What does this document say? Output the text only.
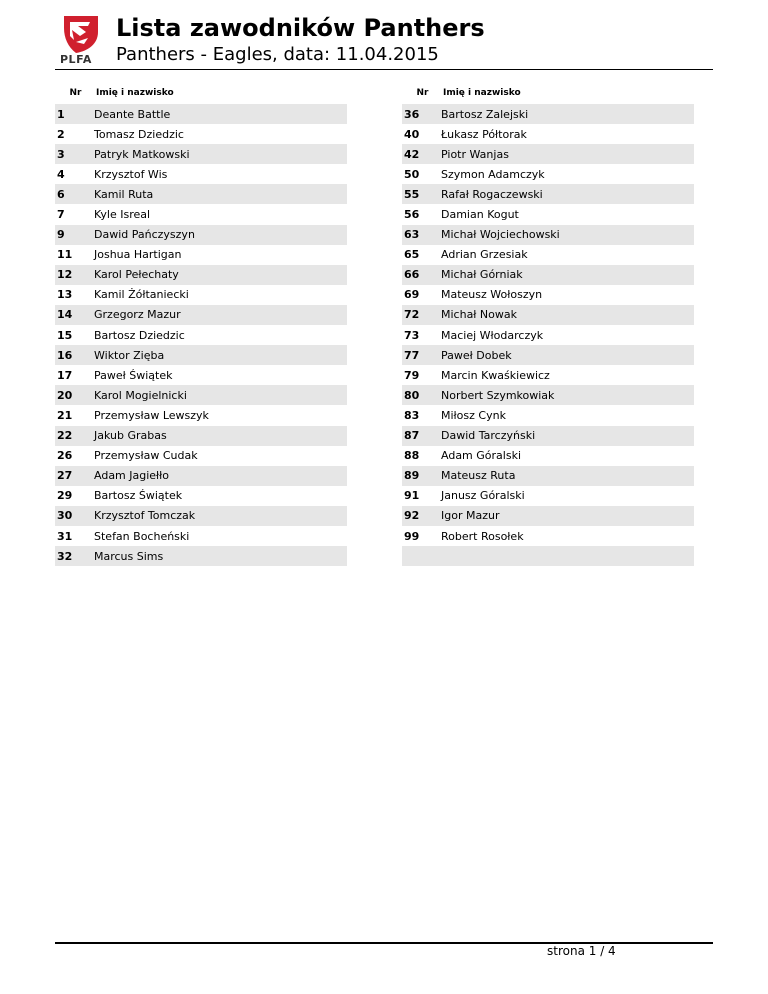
PLFA
Lista zawodników Panthers
Panthers - Eagles, data: 11.04.2015
Nr	Imię i nazwisko
1	Deante Battle
2	Tomasz Dziedzic
3	Patryk Matkowski
4	Krzysztof Wis
6	Kamil Ruta
7	Kyle Isreal
9	Dawid Pańczyszyn
11	Joshua Hartigan
12	Karol Pełechaty
13	Kamil Żółtaniecki
14	Grzegorz Mazur
15	Bartosz Dziedzic
16	Wiktor Zięba
17	Paweł Świątek
20	Karol Mogielnicki
21	Przemysław Lewszyk
22	Jakub Grabas
26	Przemysław Cudak
27	Adam Jagiełło
29	Bartosz Świątek
30	Krzysztof Tomczak
31	Stefan Bocheński
32	Marcus Sims
Nr	Imię i nazwisko
36	Bartosz Zalejski
40	Łukasz Półtorak
42	Piotr Wanjas
50	Szymon Adamczyk
55	Rafał Rogaczewski
56	Damian Kogut
63	Michał Wojciechowski
65	Adrian Grzesiak
66	Michał Górniak
69	Mateusz Wołoszyn
72	Michał Nowak
73	Maciej Włodarczyk
77	Paweł Dobek
79	Marcin Kwaśkiewicz
80	Norbert Szymkowiak
83	Miłosz Cynk
87	Dawid Tarczyński
88	Adam Góralski
89	Mateusz Ruta
91	Janusz Góralski
92	Igor Mazur
99	Robert Rosołek
strona 1 / 4
